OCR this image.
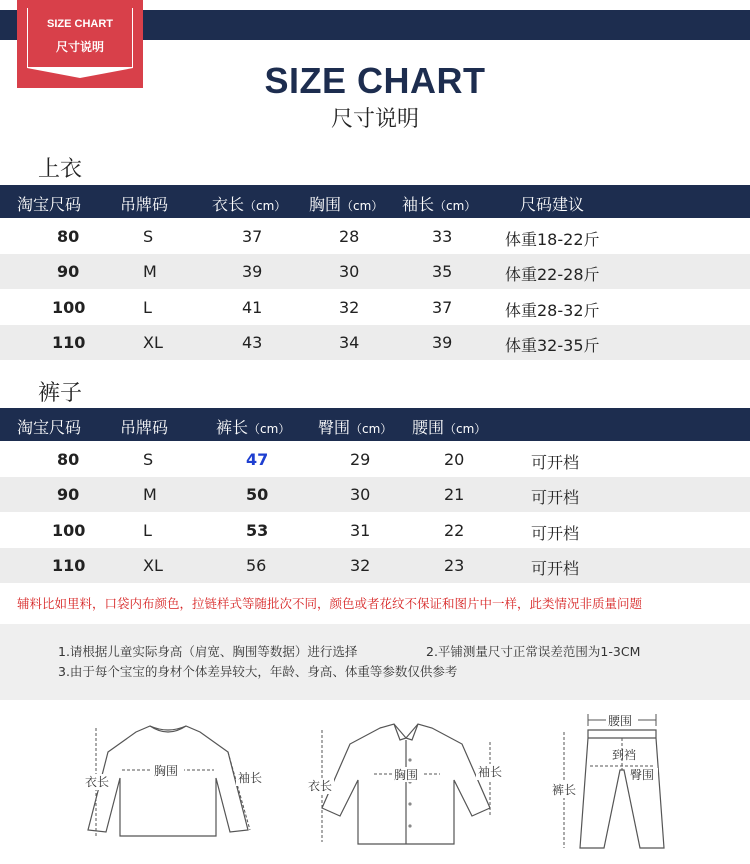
SIZE CHART
尺寸说明
SIZE CHART
尺寸说明
上衣
淘宝尺码 吊牌码	衣长（cm） 胸围（cm） 袖长（cm）	尺码建议
80	S	37	28	33	体重18-22斤
90	M	39	30	35	体重22-28斤
100	L	41	32	37	体重28-32斤
110	XL	43	34	39	体重32-35斤
裤子
淘宝尺码 吊牌码	裤长（cm） 臀围（cm） 腰围（cm）
80	S	47	29	20	可开档
90	M	50	30	21	可开档
100	L	53	31	22	可开档
110	XL	56	32	23	可开档
辅料比如里料，口袋内布颜色，拉链样式等随批次不同，颜色或者花纹不保证和图片中一样，此类情况非质量问题
1.请根据儿童实际身高（肩宽、胸围等数据）进行选择	2.平铺测量尺寸正常误差范围为1-3CM
3.由于每个宝宝的身材个体差异较大，年龄、身高、体重等参数仅供参考
衣长
胸围	袖长
衣长
胸围	袖长
腰围
到裆
臀围
裤长
